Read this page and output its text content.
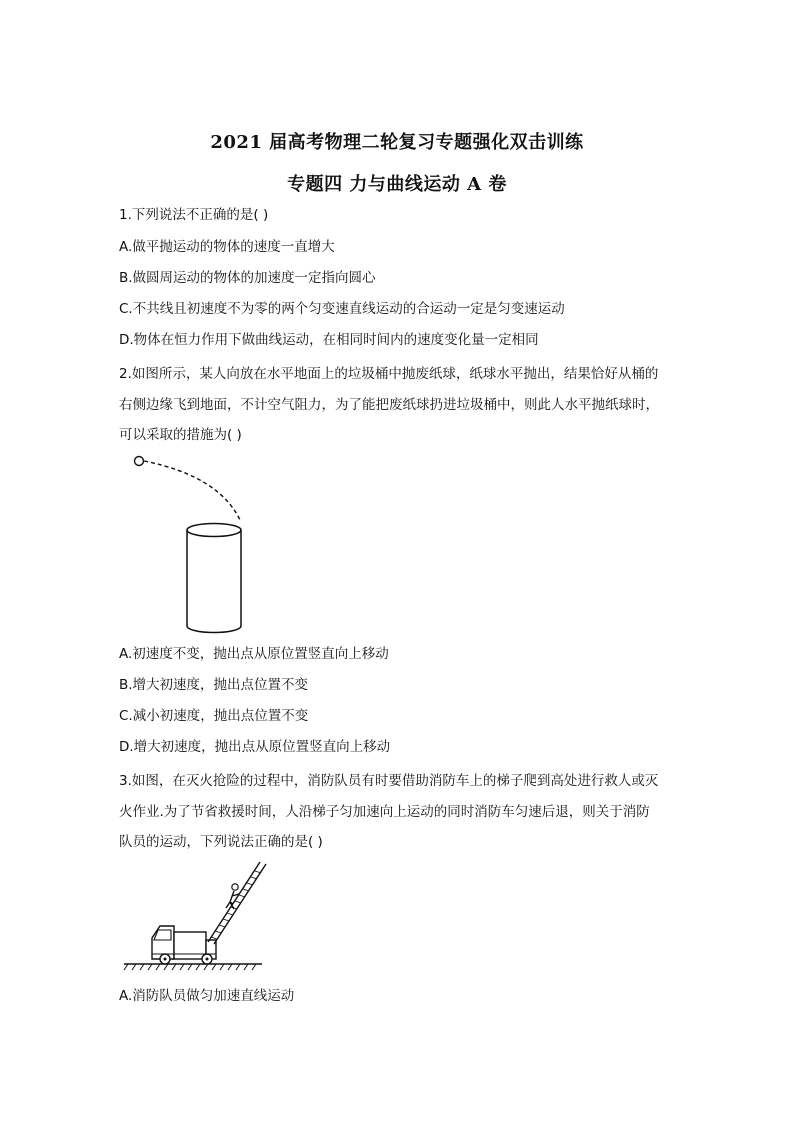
2021 届高考物理二轮复习专题强化双击训练
专题四 力与曲线运动 A 卷
1.下列说法不正确的是( )
A.做平抛运动的物体的速度一直增大
B.做圆周运动的物体的加速度一定指向圆心
C.不共线且初速度不为零的两个匀变速直线运动的合运动一定是匀变速运动
D.物体在恒力作用下做曲线运动，在相同时间内的速度变化量一定相同
2.如图所示，某人向放在水平地面上的垃圾桶中抛废纸球，纸球水平抛出，结果恰好从桶的
右侧边缘飞到地面，不计空气阻力，为了能把废纸球扔进垃圾桶中，则此人水平抛纸球时，
可以采取的措施为( )
A.初速度不变，抛出点从原位置竖直向上移动
B.增大初速度，抛出点位置不变
C.减小初速度，抛出点位置不变
D.增大初速度，抛出点从原位置竖直向上移动
3.如图，在灭火抢险的过程中，消防队员有时要借助消防车上的梯子爬到高处进行救人或灭
火作业.为了节省救援时间，人沿梯子匀加速向上运动的同时消防车匀速后退，则关于消防
队员的运动，下列说法正确的是( )
A.消防队员做匀加速直线运动
